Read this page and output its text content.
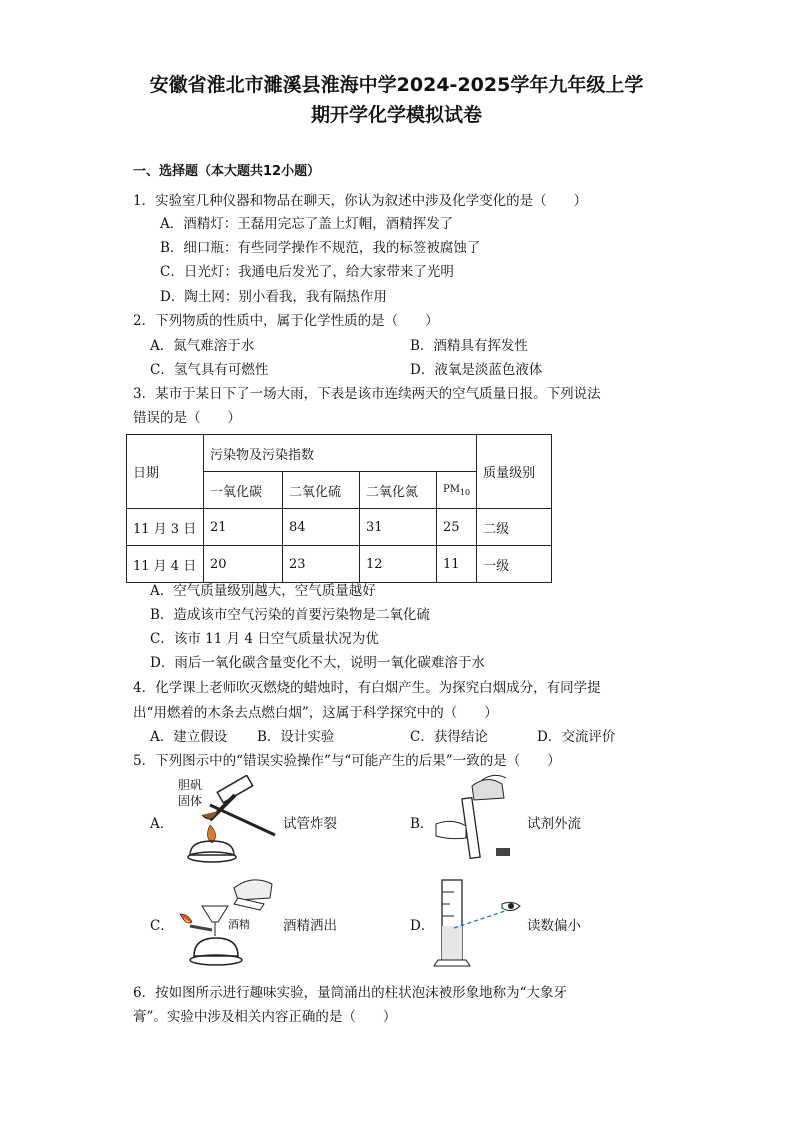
安徽省淮北市濉溪县淮海中学2024-2025学年九年级上学
期开学化学模拟试卷
一、选择题（本大题共12小题）
1．实验室几种仪器和物品在聊天，你认为叙述中涉及化学变化的是（　　）
A．酒精灯：王磊用完忘了盖上灯帽，酒精挥发了
B．细口瓶：有些同学操作不规范，我的标签被腐蚀了
C．日光灯：我通电后发光了，给大家带来了光明
D．陶土网：别小看我，我有隔热作用
2．下列物质的性质中，属于化学性质的是（　　）
A．氮气难溶于水	B．酒精具有挥发性
C．氢气具有可燃性	D．液氧是淡蓝色液体
3．某市于某日下了一场大雨，下表是该市连续两天的空气质量日报。下列说法
错误的是（　　）
日期	污染物及污染指数				质量级别
	一氧化碳	二氧化硫	二氧化氮	$PM_{10}$
11 月 3 日	21	84	31	25	二级
11 月 4 日	20	23	12	11	一级
A．空气质量级别越大，空气质量越好
B．造成该市空气污染的首要污染物是二氧化硫
C．该市 11 月 4 日空气质量状况为优
D．雨后一氧化碳含量变化不大，说明一氧化碳难溶于水
4．化学课上老师吹灭燃烧的蜡烛时，有白烟产生。为探究白烟成分，有同学提
出“用燃着的木条去点燃白烟”，这属于科学探究中的（　　）
A．建立假设 B．设计实验	C．获得结论	D．交流评价
5．下列图示中的“错误实验操作”与“可能产生的后果”一致的是（　　）
A．
胆矾
固体
试管炸裂	B．	试剂外流
C．	酒精 酒精洒出	D．	读数偏小
6．按如图所示进行趣味实验，量筒涌出的柱状泡沫被形象地称为“大象牙
膏”。实验中涉及相关内容正确的是（　　）
